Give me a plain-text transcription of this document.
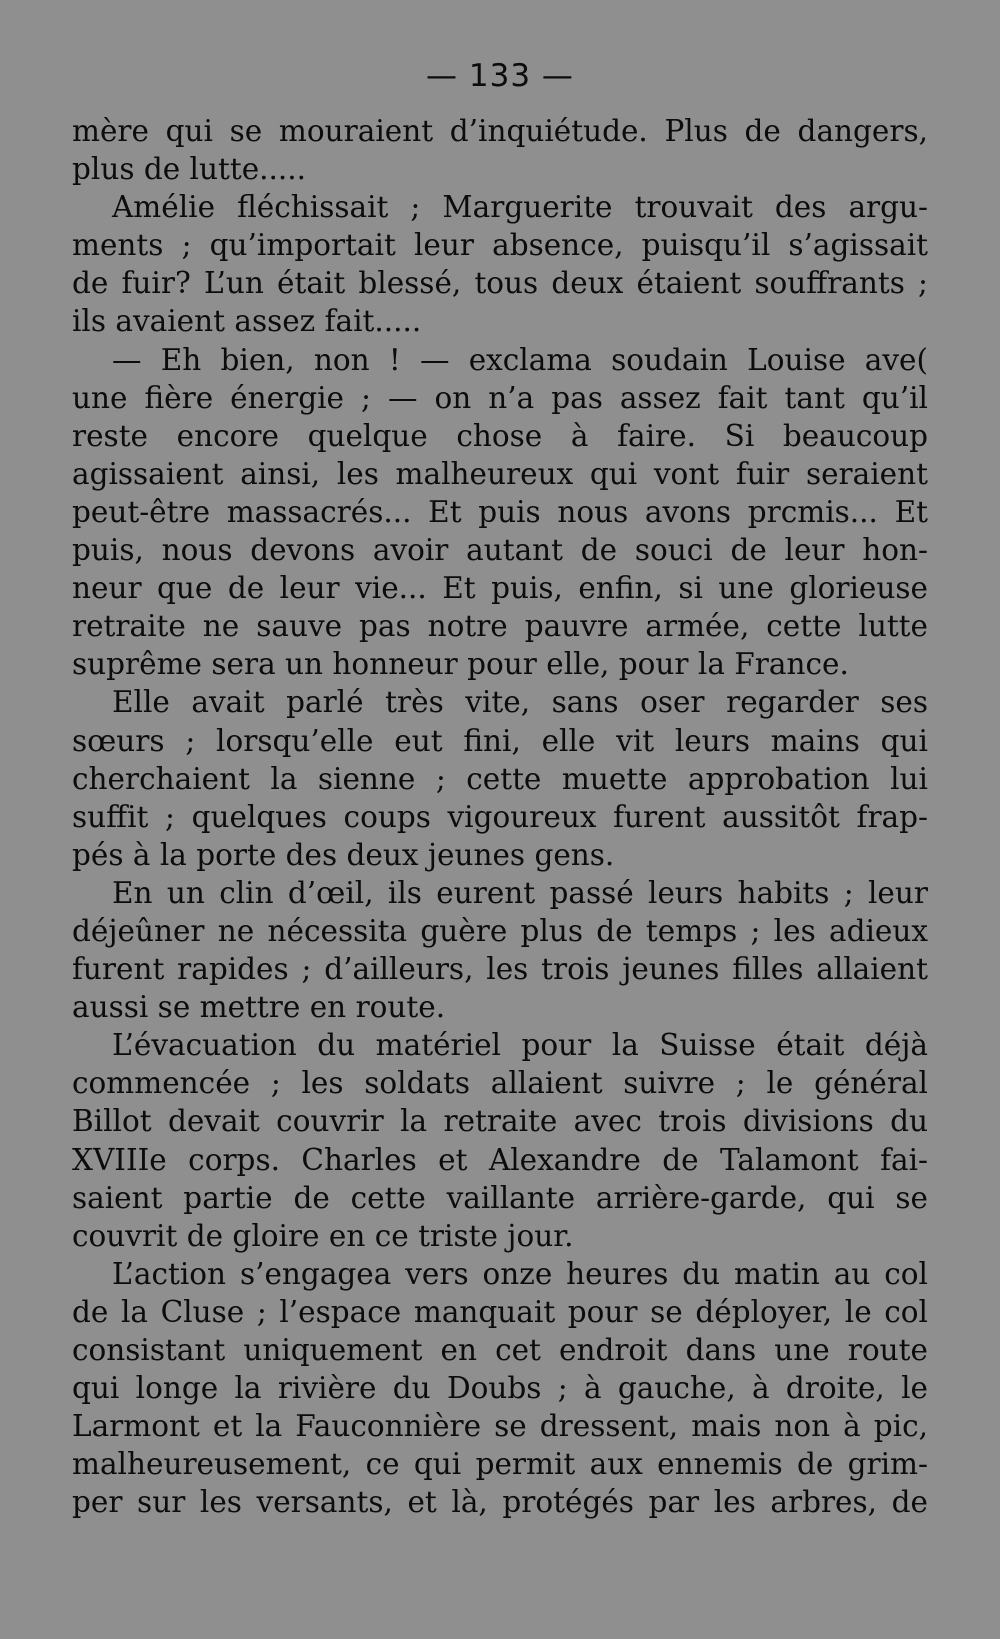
— 133 —
mère qui se mouraient d’inquiétude. Plus de dangers,
plus de lutte.....
Amélie fléchissait ; Marguerite trouvait des argu-
ments ; qu’importait leur absence, puisqu’il s’agissait
de fuir? L’un était blessé, tous deux étaient souffrants ;
ils avaient assez fait.....
— Eh bien, non ! — exclama soudain Louise ave(
une fière énergie ; — on n’a pas assez fait tant qu’il
reste encore quelque chose à faire. Si beaucoup
agissaient ainsi, les malheureux qui vont fuir seraient
peut-être massacrés... Et puis nous avons prcmis... Et
puis, nous devons avoir autant de souci de leur hon-
neur que de leur vie... Et puis, enfin, si une glorieuse
retraite ne sauve pas notre pauvre armée, cette lutte
suprême sera un honneur pour elle, pour la France.
Elle avait parlé très vite, sans oser regarder ses
sœurs ; lorsqu’elle eut fini, elle vit leurs mains qui
cherchaient la sienne ; cette muette approbation lui
suffit ; quelques coups vigoureux furent aussitôt frap-
pés à la porte des deux jeunes gens.
En un clin d’œil, ils eurent passé leurs habits ; leur
déjeûner ne nécessita guère plus de temps ; les adieux
furent rapides ; d’ailleurs, les trois jeunes filles allaient
aussi se mettre en route.
L’évacuation du matériel pour la Suisse était déjà
commencée ; les soldats allaient suivre ; le général
Billot devait couvrir la retraite avec trois divisions du
XVIIIe corps. Charles et Alexandre de Talamont fai-
saient partie de cette vaillante arrière-garde, qui se
couvrit de gloire en ce triste jour.
L’action s’engagea vers onze heures du matin au col
de la Cluse ; l’espace manquait pour se déployer, le col
consistant uniquement en cet endroit dans une route
qui longe la rivière du Doubs ; à gauche, à droite, le
Larmont et la Fauconnière se dressent, mais non à pic,
malheureusement, ce qui permit aux ennemis de grim-
per sur les versants, et là, protégés par les arbres, de
